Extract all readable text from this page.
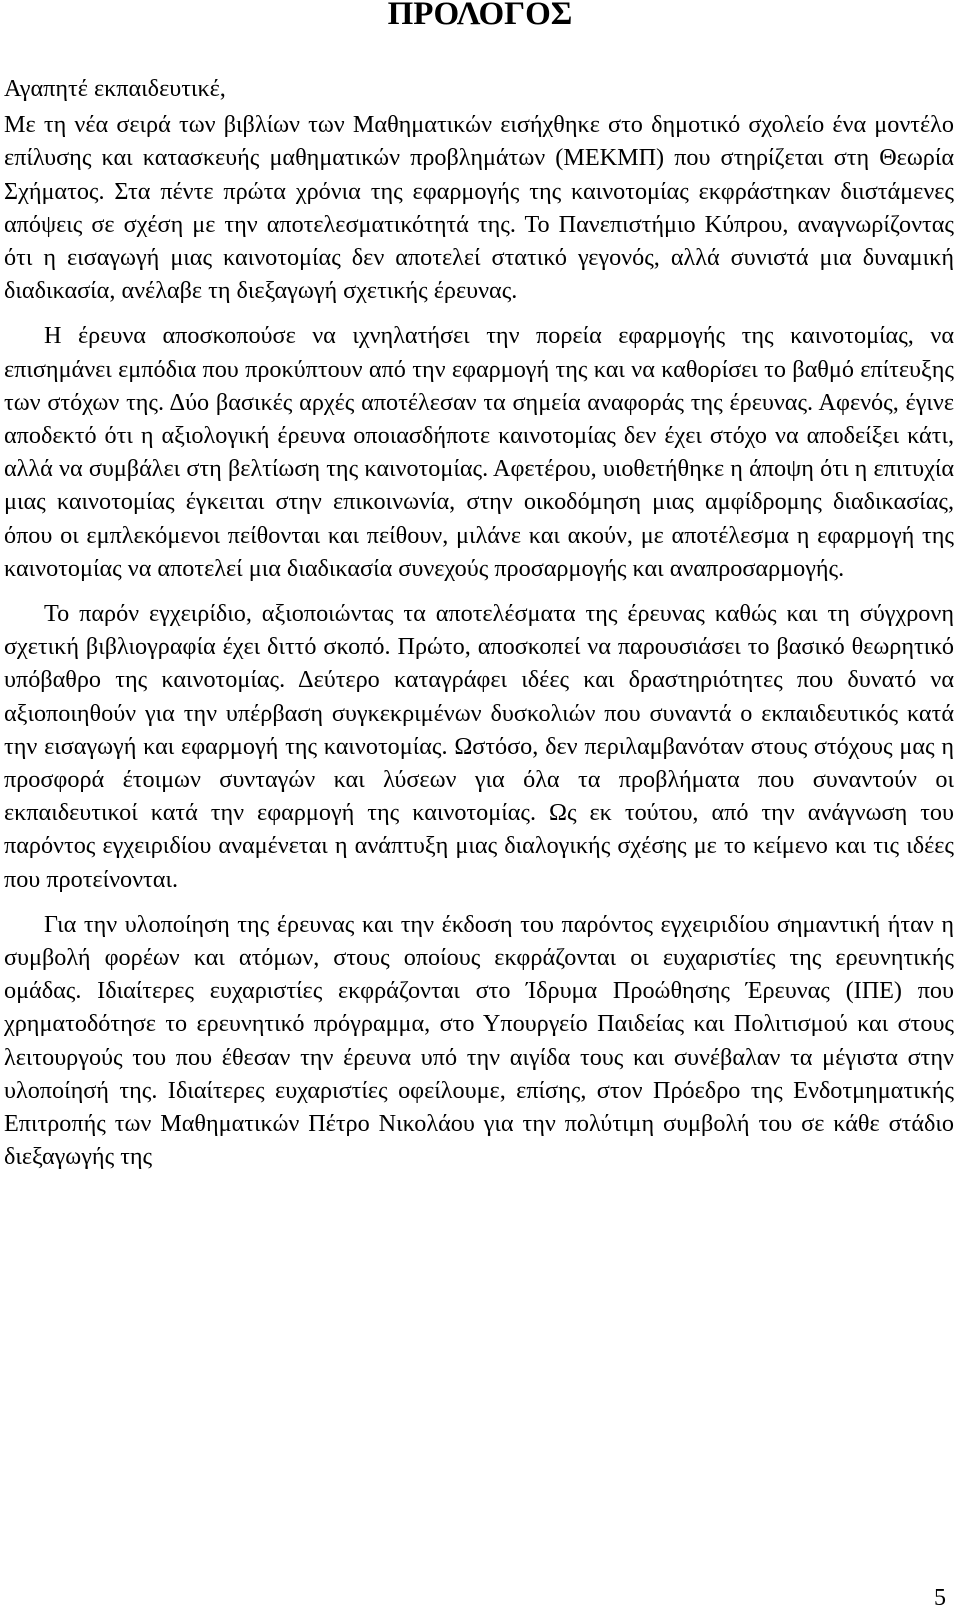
ΠΡΟΛΟΓΟΣ

Αγαπητέ εκπαιδευτικέ,

Με τη νέα σειρά των βιβλίων των Μαθηματικών εισήχθηκε στο δημοτικό σχολείο ένα μοντέλο επίλυσης και κατασκευής μαθηματικών προβλημάτων (ΜΕΚΜΠ) που στηρίζεται στη Θεωρία Σχήματος. Στα πέντε πρώτα χρόνια της εφαρμογής της καινοτομίας εκφράστηκαν διιστάμενες απόψεις σε σχέση με την αποτελεσματικότητά της. Το Πανεπιστήμιο Κύπρου, αναγνωρίζοντας ότι η εισαγωγή μιας καινοτομίας δεν αποτελεί στατικό γεγονός, αλλά συνιστά μια δυναμική διαδικασία, ανέλαβε τη διεξαγωγή σχετικής έρευνας.

Η έρευνα αποσκοπούσε να ιχνηλατήσει την πορεία εφαρμογής της καινοτομίας, να επισημάνει εμπόδια που προκύπτουν από την εφαρμογή της και να καθορίσει το βαθμό επίτευξης των στόχων της. Δύο βασικές αρχές αποτέλεσαν τα σημεία αναφοράς της έρευνας. Αφενός, έγινε αποδεκτό ότι η αξιολογική έρευνα οποιασδήποτε καινοτομίας δεν έχει στόχο να αποδείξει κάτι, αλλά να συμβάλει στη βελτίωση της καινοτομίας. Αφετέρου, υιοθετήθηκε η άποψη ότι η επιτυχία μιας καινοτομίας έγκειται στην επικοινωνία, στην οικοδόμηση μιας αμφίδρομης διαδικασίας, όπου οι εμπλεκόμενοι πείθονται και πείθουν, μιλάνε και ακούν, με αποτέλεσμα η εφαρμογή της καινοτομίας να αποτελεί μια διαδικασία συνεχούς προσαρμογής και αναπροσαρμογής.

Το παρόν εγχειρίδιο, αξιοποιώντας τα αποτελέσματα της έρευνας καθώς και τη σύγχρονη σχετική βιβλιογραφία έχει διττό σκοπό. Πρώτο, αποσκοπεί να παρουσιάσει το βασικό θεωρητικό υπόβαθρο της καινοτομίας. Δεύτερο καταγράφει ιδέες και δραστηριότητες που δυνατό να αξιοποιηθούν για την υπέρβαση συγκεκριμένων δυσκολιών που συναντά ο εκπαιδευτικός κατά την εισαγωγή και εφαρμογή της καινοτομίας. Ωστόσο, δεν περιλαμβανόταν στους στόχους μας η προσφορά έτοιμων συνταγών και λύσεων για όλα τα προβλήματα που συναντούν οι εκπαιδευτικοί κατά την εφαρμογή της καινοτομίας. Ως εκ τούτου, από την ανάγνωση του παρόντος εγχειριδίου αναμένεται η ανάπτυξη μιας διαλογικής σχέσης με το κείμενο και τις ιδέες που προτείνονται.

Για την υλοποίηση της έρευνας και την έκδοση του παρόντος εγχειριδίου σημαντική ήταν η συμβολή φορέων και ατόμων, στους οποίους εκφράζονται οι ευχαριστίες της ερευνητικής ομάδας. Ιδιαίτερες ευχαριστίες εκφράζονται στο Ίδρυμα Προώθησης Έρευνας (ΙΠΕ) που χρηματοδότησε το ερευνητικό πρόγραμμα, στο Υπουργείο Παιδείας και Πολιτισμού και στους λειτουργούς του που έθεσαν την έρευνα υπό την αιγίδα τους και συνέβαλαν τα μέγιστα στην υλοποίησή της. Ιδιαίτερες ευχαριστίες οφείλουμε, επίσης, στον Πρόεδρο της Ενδοτμηματικής Επιτροπής των Μαθηματικών Πέτρο Νικολάου για την πολύτιμη συμβολή του σε κάθε στάδιο διεξαγωγής της

5
